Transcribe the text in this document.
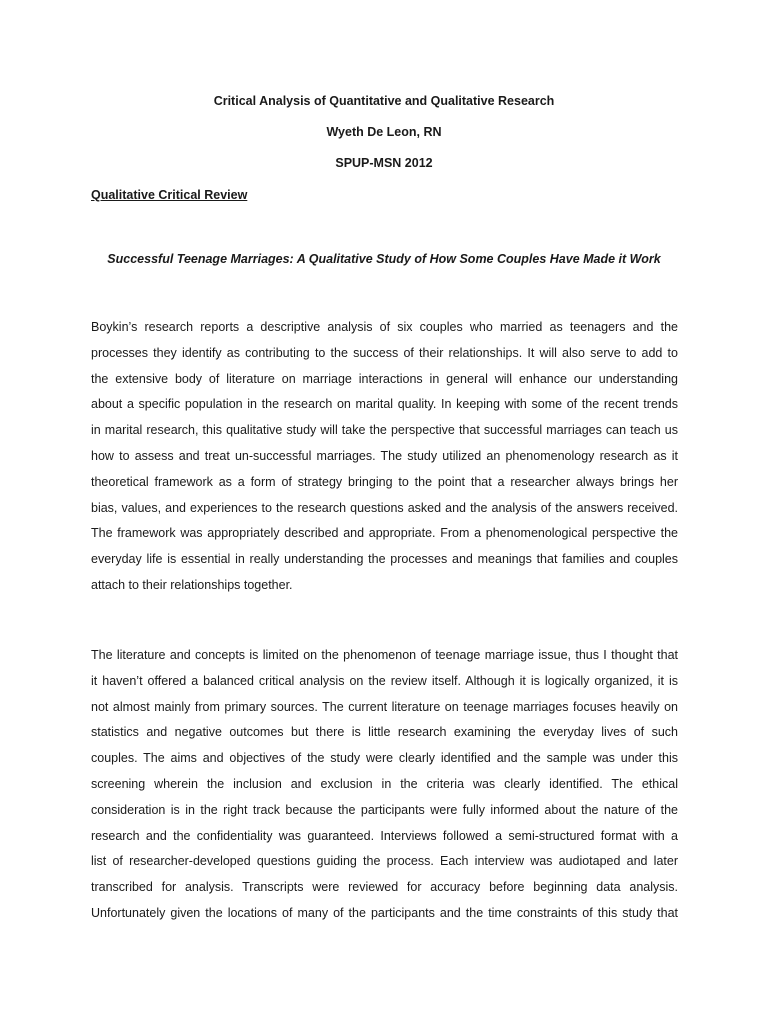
Critical Analysis of Quantitative and Qualitative Research
Wyeth De Leon, RN
SPUP-MSN 2012
Qualitative Critical Review
Successful Teenage Marriages: A Qualitative Study of How Some Couples Have Made it Work
Boykin’s research reports a descriptive analysis of six couples who married as teenagers and the
processes they identify as contributing to the success of their relationships. It will also serve to add to
the extensive body of literature on marriage interactions in general will enhance our understanding
about a specific population in the research on marital quality. In keeping with some of the recent trends
in marital research, this qualitative study will take the perspective that successful marriages can teach us
how to assess and treat un-successful marriages. The study utilized an phenomenology research as it
theoretical framework as a form of strategy bringing to the point that a researcher always brings her
bias, values, and experiences to the research questions asked and the analysis of the answers received.
The framework was appropriately described and appropriate. From a phenomenological perspective the
everyday life is essential in really understanding the processes and meanings that families and couples
attach to their relationships together.
The literature and concepts is limited on the phenomenon of teenage marriage issue, thus I thought that
it haven’t offered a balanced critical analysis on the review itself. Although it is logically organized, it is
not almost mainly from primary sources. The current literature on teenage marriages focuses heavily on
statistics and negative outcomes but there is little research examining the everyday lives of such
couples. The aims and objectives of the study were clearly identified and the sample was under this
screening wherein the inclusion and exclusion in the criteria was clearly identified. The ethical
consideration is in the right track because the participants were fully informed about the nature of the
research and the confidentiality was guaranteed. Interviews followed a semi-structured format with a
list of researcher-developed questions guiding the process. Each interview was audiotaped and later
transcribed for analysis. Transcripts were reviewed for accuracy before beginning data analysis.
Unfortunately given the locations of many of the participants and the time constraints of this study that
